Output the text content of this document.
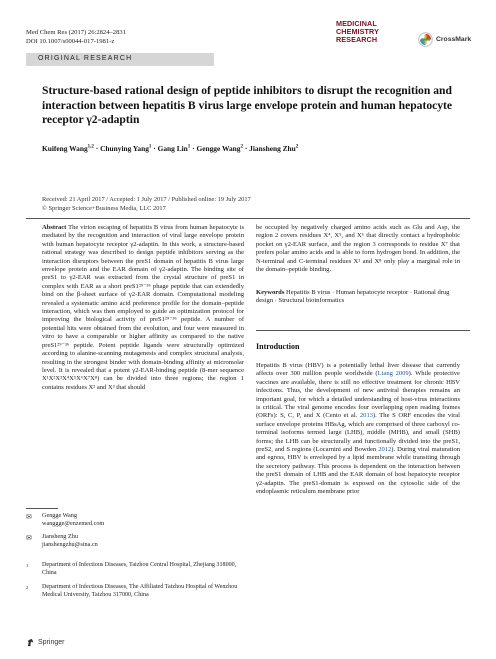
Med Chem Res (2017) 26:2824–2831
DOI 10.1007/s00044-017-1981-z
MEDICINAL
CHEMISTRY
RESEARCH	CrossMark
ORIGINAL RESEARCH
Structure-based rational design of peptide inhibitors to disrupt the recognition and interaction between hepatitis B virus large envelope protein and human hepatocyte receptor γ2-adaptin
Kuifeng Wang$^{1,2}$ · Chunying Yang$^1$ · Gang Lin$^1$ · Gengge Wang$^2$ · Jiansheng Zhu$^2$
Received: 21 April 2017 / Accepted: 1 July 2017 / Published online: 19 July 2017
© Springer Science+Business Media, LLC 2017
Abstract The virion escaping of hepatitis B virus from human hepatocyte is mediated by the recognition and interaction of viral large envelope protein with human hepatocyte receptor γ2-adaptin. In this work, a structure-based rational strategy was described to design peptide inhibitors serving as the interaction disruptors between the preS1 domain of hepatitis B virus large envelope protein and the EAR domain of γ2-adaptin. The binding site of preS1 to γ2-EAR was extracted from the crystal structure of preS1 in complex with EAR as a short preS1²⁹⁻³⁶ phage peptide that can extendedly bind on the β-sheet surface of γ2-EAR domain. Computational modeling revealed a systematic amino acid preference profile for the domain–peptide interaction, which was then employed to guide an optimization protocol for improving the biological activity of preS1²⁹⁻³⁶ peptide. A number of potential hits were obtained from the evolution, and four were measured in vitro to have a comparable or higher affinity as compared to the native preS1²⁹⁻³⁶ peptide. Potent peptide ligands were structurally optimized according to alanine-scanning mutagenesis and complex structural analysis, resulting in the strongest binder with domain-binding affinity at micromolar level. It is revealed that a potent γ2-EAR-binding peptide (8-mer sequence X¹X²X³X⁴X⁵X⁶X⁷X⁸) can be divided into three regions; the region 1 contains residues X² and X³ that should
be occupied by negatively charged amino acids such as Glu and Asp, the region 2 covers residues X⁴, X⁵, and X⁶ that directly contact a hydrophobic pocket on γ2-EAR surface, and the region 3 corresponds to residue X⁷ that prefers polar amino acids and is able to form hydrogen bond. In addition, the N-terminal and C-terminal residues X¹ and X⁸ only play a marginal role in the domain–peptide binding.
Keywords Hepatitis B virus · Human hepatocyte receptor · Rational drug design · Structural bioinformatics
Introduction
Hepatitis B virus (HBV) is a potentially lethal liver disease that currently affects over 300 million people worldwide (Liang 2009). While protective vaccines are available, there is still no effective treatment for chronic HBV infections. Thus, the development of new antiviral therapies remains an important goal, for which a detailed understanding of host-virus interactions is critical. The viral genome encodes four overlapping open reading frames (ORFs): S, C, P, and X (Cento et al. 2013). The S ORF encodes the viral surface envelope proteins HBsAg, which are comprised of three carboxyl co-terminal isoforms termed large (LHB), middle (MHB), and small (SHB) forms; the LHB can be structurally and functionally divided into the preS1, preS2, and S regions (Locarnini and Bowden 2012). During viral maturation and egress, HBV is enveloped by a lipid membrane while transiting through the secretory pathway. This process is dependent on the interaction between the preS1 domain of LHB and the EAR domain of host hepatocyte receptor γ2-adaptin. The preS1-domain is exposed on the cytosolic side of the endoplasmic reticulum membrane prior
✉ Gengge Wang
wanggge@enzemed.com
✉ Jiansheng Zhu
jianshengzhu@sina.cn
$^1$ Department of Infectious Diseases, Taizhou Central Hospital, Zhejiang 318000, China
$^2$ Department of Infectious Diseases, The Affiliated Taizhou Hospital of Wenzhou Medical University, Taizhou 317000, China
Springer
